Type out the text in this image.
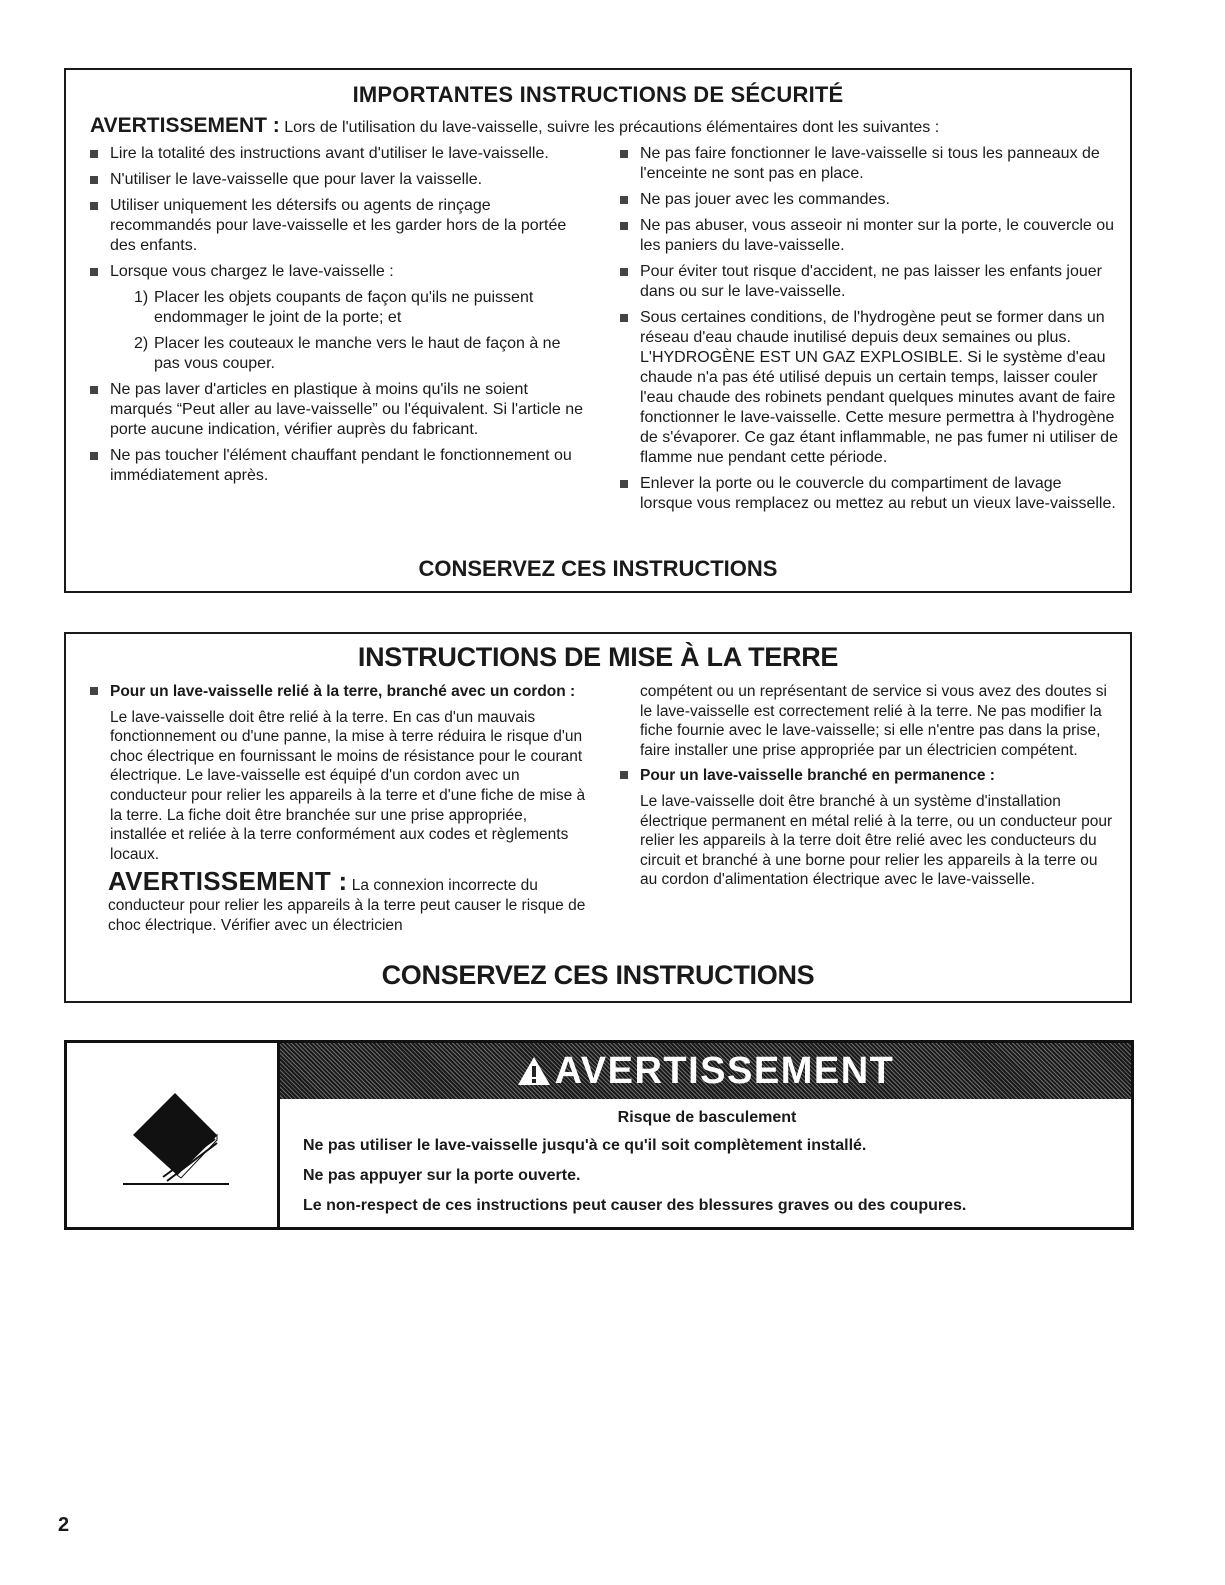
IMPORTANTES INSTRUCTIONS DE SÉCURITÉ
AVERTISSEMENT : Lors de l'utilisation du lave-vaisselle, suivre les précautions élémentaires dont les suivantes :
Lire la totalité des instructions avant d'utiliser le lave-vaisselle.
N'utiliser le lave-vaisselle que pour laver la vaisselle.
Utiliser uniquement les détersifs ou agents de rinçage recommandés pour lave-vaisselle et les garder hors de la portée des enfants.
Lorsque vous chargez le lave-vaisselle :
1) Placer les objets coupants de façon qu'ils ne puissent endommager le joint de la porte; et
2) Placer les couteaux le manche vers le haut de façon à ne pas vous couper.
Ne pas laver d'articles en plastique à moins qu'ils ne soient marqués “Peut aller au lave-vaisselle” ou l'équivalent. Si l'article ne porte aucune indication, vérifier auprès du fabricant.
Ne pas toucher l'élément chauffant pendant le fonctionnement ou immédiatement après.
Ne pas faire fonctionner le lave-vaisselle si tous les panneaux de l'enceinte ne sont pas en place.
Ne pas jouer avec les commandes.
Ne pas abuser, vous asseoir ni monter sur la porte, le couvercle ou les paniers du lave-vaisselle.
Pour éviter tout risque d'accident, ne pas laisser les enfants jouer dans ou sur le lave-vaisselle.
Sous certaines conditions, de l'hydrogène peut se former dans un réseau d'eau chaude inutilisé depuis deux semaines ou plus. L'HYDROGÈNE EST UN GAZ EXPLOSIBLE. Si le système d'eau chaude n'a pas été utilisé depuis un certain temps, laisser couler l'eau chaude des robinets pendant quelques minutes avant de faire fonctionner le lave-vaisselle. Cette mesure permettra à l'hydrogène de s'évaporer. Ce gaz étant inflammable, ne pas fumer ni utiliser de flamme nue pendant cette période.
Enlever la porte ou le couvercle du compartiment de lavage lorsque vous remplacez ou mettez au rebut un vieux lave-vaisselle.
CONSERVEZ CES INSTRUCTIONS
INSTRUCTIONS DE MISE À LA TERRE
Pour un lave-vaisselle relié à la terre, branché avec un cordon :
Le lave-vaisselle doit être relié à la terre. En cas d'un mauvais fonctionnement ou d'une panne, la mise à terre réduira le risque d'un choc électrique en fournissant le moins de résistance pour le courant électrique. Le lave-vaisselle est équipé d'un cordon avec un conducteur pour relier les appareils à la terre et d'une fiche de mise à la terre. La fiche doit être branchée sur une prise appropriée, installée et reliée à la terre conformément aux codes et règlements locaux.
AVERTISSEMENT : La connexion incorrecte du conducteur pour relier les appareils à la terre peut causer le risque de choc électrique. Vérifier avec un électricien
compétent ou un représentant de service si vous avez des doutes si le lave-vaisselle est correctement relié à la terre. Ne pas modifier la fiche fournie avec le lave-vaisselle; si elle n'entre pas dans la prise, faire installer une prise appropriée par un électricien compétent.
Pour un lave-vaisselle branché en permanence :
Le lave-vaisselle doit être branché à un système d'installation électrique permanent en métal relié à la terre, ou un conducteur pour relier les appareils à la terre doit être relié avec les conducteurs du circuit et branché à une borne pour relier les appareils à la terre ou au cordon d'alimentation électrique avec le lave-vaisselle.
CONSERVEZ CES INSTRUCTIONS
AVERTISSEMENT
Risque de basculement

Ne pas utiliser le lave-vaisselle jusqu'à ce qu'il soit complètement installé.

Ne pas appuyer sur la porte ouverte.

Le non-respect de ces instructions peut causer des blessures graves ou des coupures.

2
